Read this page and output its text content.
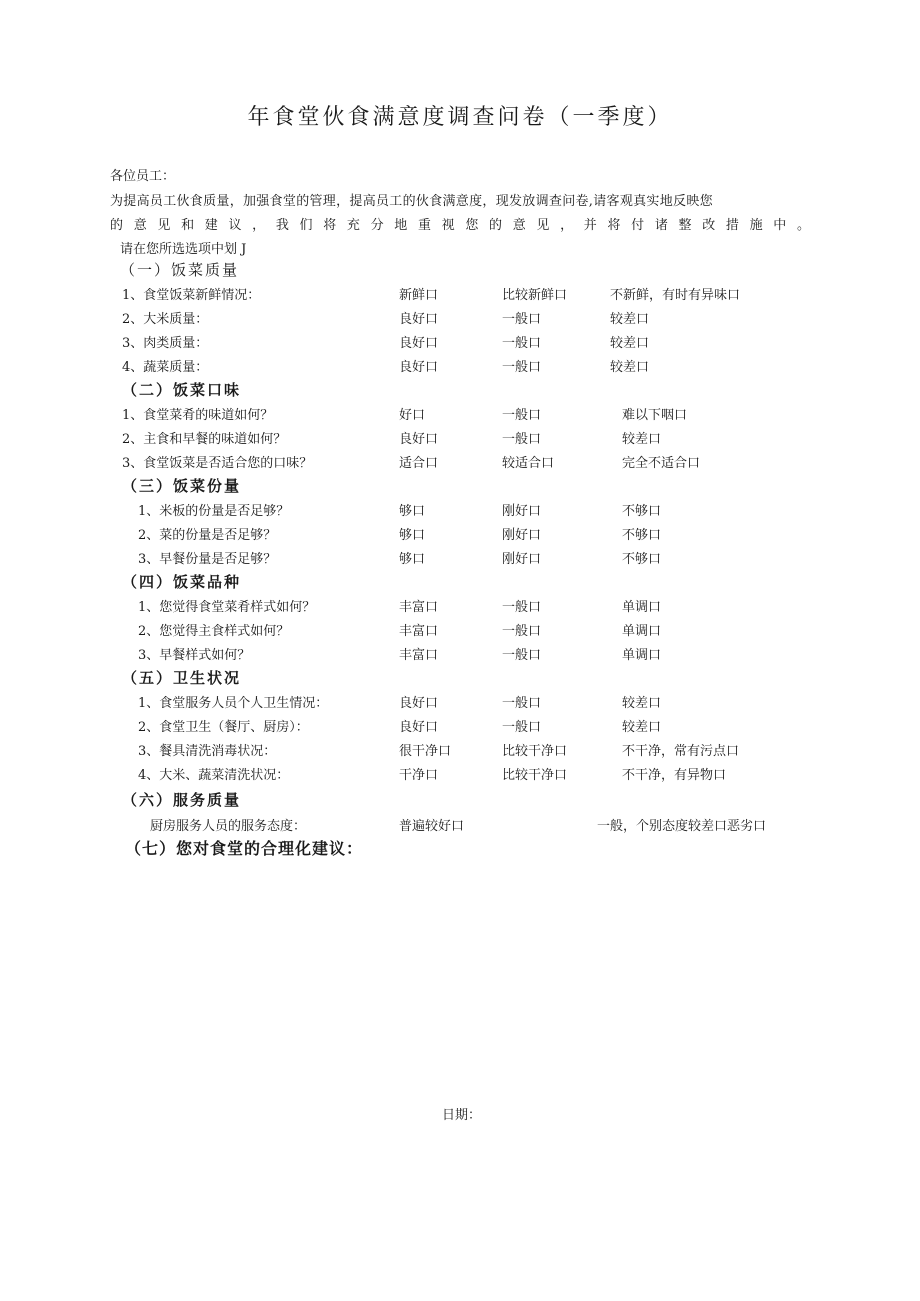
年食堂伙食满意度调查问卷（一季度）
各位员工：
为提高员工伙食质量，加强食堂的管理，提高员工的伙食满意度，现发放调查问卷,请客观真实地反映您
的意见和建议，我们将充分地重视您的意见，并将付诸整改措施中。
请在您所选选项中划 J
（一）饭菜质量
1、食堂饭菜新鲜情况：	新鲜口	比较新鲜口	不新鲜，有时有异味口
2、大米质量：	良好口	一般口	较差口
3、肉类质量：	良好口	一般口	较差口
4、蔬菜质量：	良好口	一般口	较差口
（二）饭菜口味
1、食堂菜肴的味道如何？	好口	一般口	难以下咽口
2、主食和早餐的味道如何？	良好口	一般口	较差口
3、食堂饭菜是否适合您的口味？	适合口	较适合口	完全不适合口
（三）饭菜份量
1、米板的份量是否足够？	够口	刚好口	不够口
2、菜的份量是否足够？	够口	刚好口	不够口
3、早餐份量是否足够？	够口	刚好口	不够口
（四）饭菜品种
1、您觉得食堂菜肴样式如何？	丰富口	一般口	单调口
2、您觉得主食样式如何？	丰富口	一般口	单调口
3、早餐样式如何？	丰富口	一般口	单调口
（五）卫生状况
1、食堂服务人员个人卫生情况：	良好口	一般口	较差口
2、食堂卫生（餐厅、厨房）：	良好口	一般口	较差口
3、餐具清洗消毒状况：	很干净口	比较干净口	不干净，常有污点口
4、大米、蔬菜清洗状况：	干净口	比较干净口	不干净，有异物口
（六）服务质量
厨房服务人员的服务态度：	普遍较好口	一般，个别态度较差口恶劣口
（七）您对食堂的合理化建议：
日期：
